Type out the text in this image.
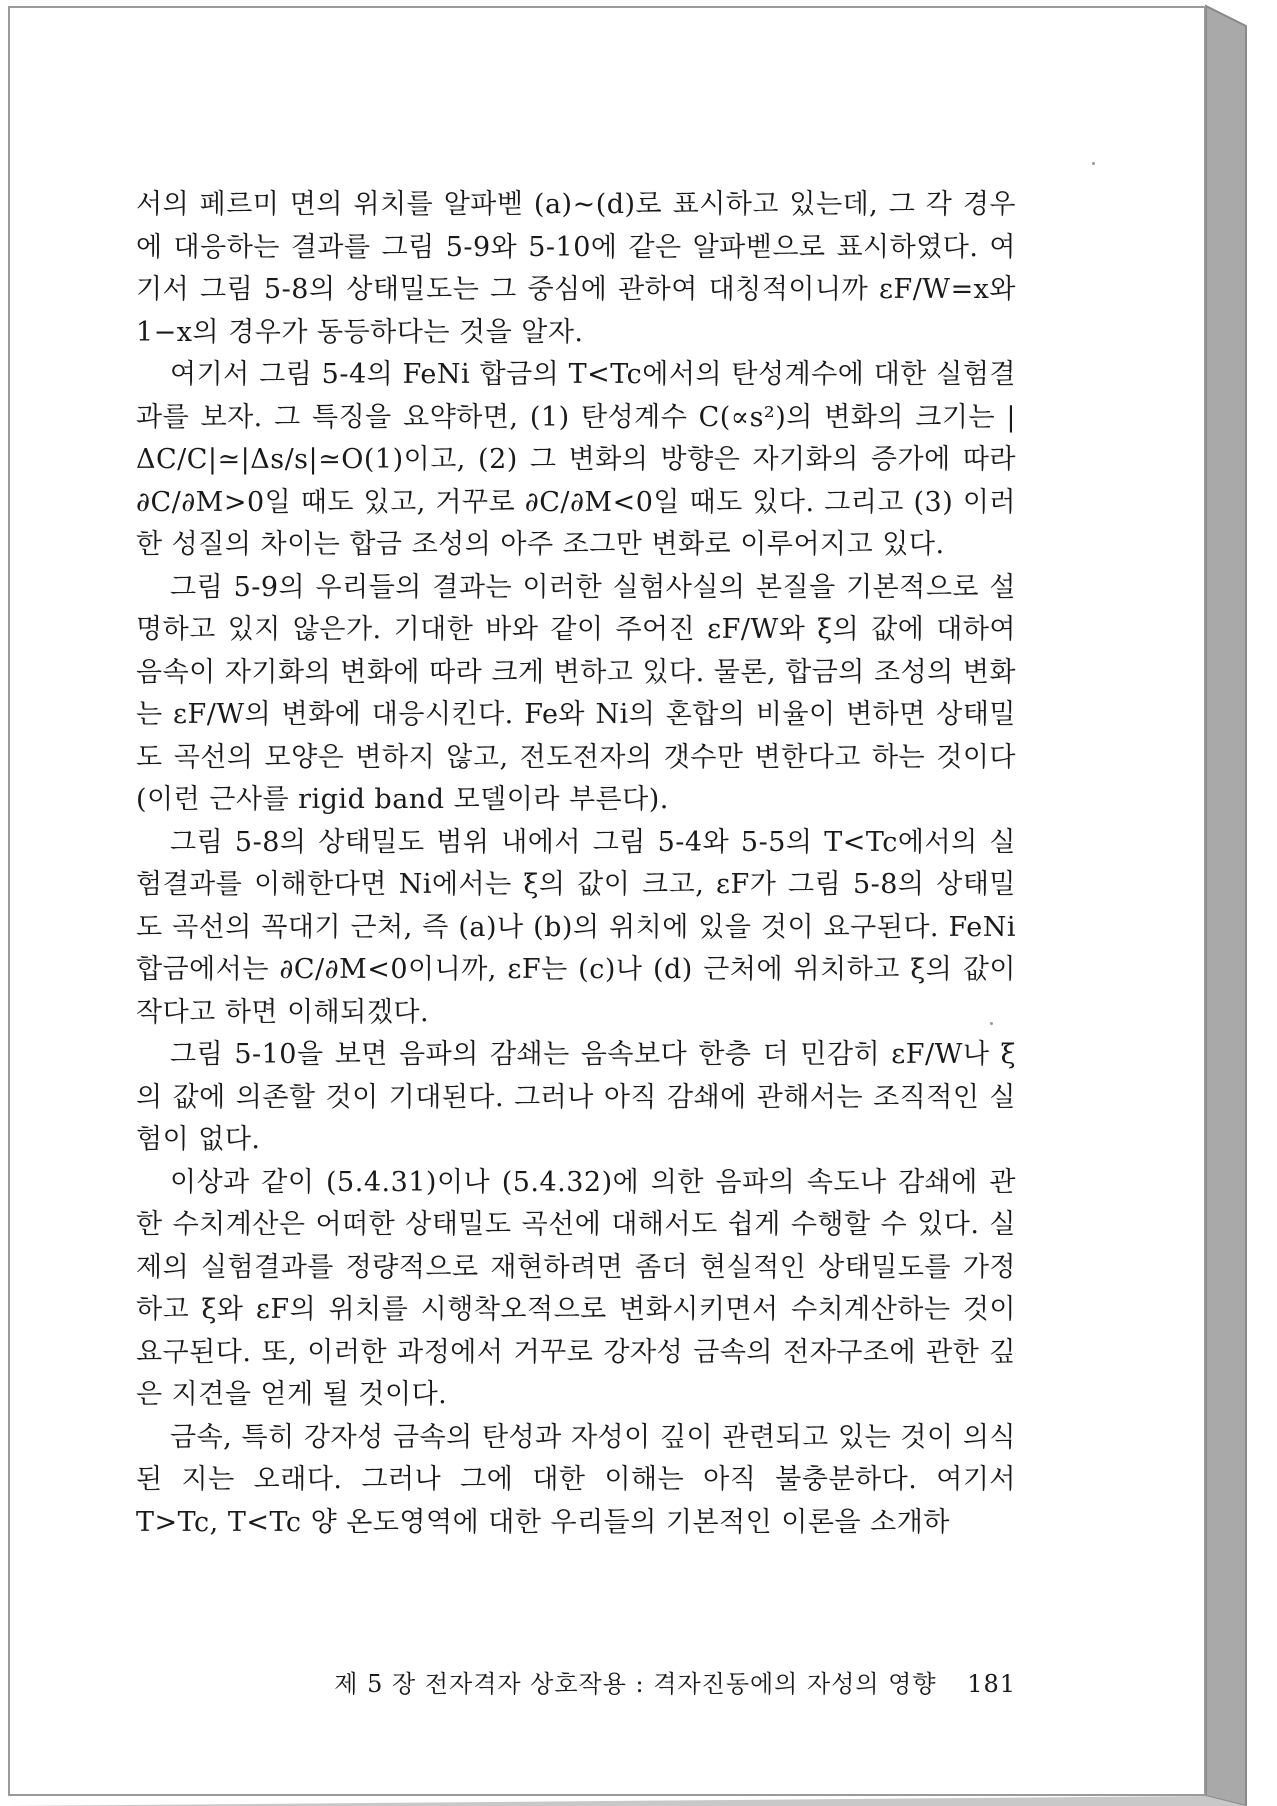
서의 페르미 면의 위치를 알파벧 (a)~(d)로 표시하고 있는데, 그 각 경우에 대응하는 결과를 그림 5-9와 5-10에 같은 알파벧으로 표시하였다. 여기서 그림 5-8의 상태밀도는 그 중심에 관하여 대칭적이니까 εF/W=x와 1−x의 경우가 동등하다는 것을 알자.

여기서 그림 5-4의 FeNi 합금의 T<Tc에서의 탄성계수에 대한 실험결과를 보자. 그 특징을 요약하면, (1) 탄성계수 C(∝s²)의 변화의 크기는 |ΔC/C|≃|Δs/s|≃O(1)이고, (2) 그 변화의 방향은 자기화의 증가에 따라 ∂C/∂M>0일 때도 있고, 거꾸로 ∂C/∂M<0일 때도 있다. 그리고 (3) 이러한 성질의 차이는 합금 조성의 아주 조그만 변화로 이루어지고 있다.

그림 5-9의 우리들의 결과는 이러한 실험사실의 본질을 기본적으로 설명하고 있지 않은가. 기대한 바와 같이 주어진 εF/W와 ξ의 값에 대하여 음속이 자기화의 변화에 따라 크게 변하고 있다. 물론, 합금의 조성의 변화는 εF/W의 변화에 대응시킨다. Fe와 Ni의 혼합의 비율이 변하면 상태밀도 곡선의 모양은 변하지 않고, 전도전자의 갯수만 변한다고 하는 것이다(이런 근사를 rigid band 모델이라 부른다).

그림 5-8의 상태밀도 범위 내에서 그림 5-4와 5-5의 T<Tc에서의 실험결과를 이해한다면 Ni에서는 ξ의 값이 크고, εF가 그림 5-8의 상태밀도 곡선의 꼭대기 근처, 즉 (a)나 (b)의 위치에 있을 것이 요구된다. FeNi 합금에서는 ∂C/∂M<0이니까, εF는 (c)나 (d) 근처에 위치하고 ξ의 값이 작다고 하면 이해되겠다.

그림 5-10을 보면 음파의 감쇄는 음속보다 한층 더 민감히 εF/W나 ξ의 값에 의존할 것이 기대된다. 그러나 아직 감쇄에 관해서는 조직적인 실험이 없다.

이상과 같이 (5.4.31)이나 (5.4.32)에 의한 음파의 속도나 감쇄에 관한 수치계산은 어떠한 상태밀도 곡선에 대해서도 쉽게 수행할 수 있다. 실제의 실험결과를 정량적으로 재현하려면 좀더 현실적인 상태밀도를 가정하고 ξ와 εF의 위치를 시행착오적으로 변화시키면서 수치계산하는 것이 요구된다. 또, 이러한 과정에서 거꾸로 강자성 금속의 전자구조에 관한 깊은 지견을 얻게 될 것이다.

금속, 특히 강자성 금속의 탄성과 자성이 깊이 관련되고 있는 것이 의식된 지는 오래다. 그러나 그에 대한 이해는 아직 불충분하다. 여기서 T>Tc, T<Tc 양 온도영역에 대한 우리들의 기본적인 이론을 소개하

제 5 장 전자격자 상호작용 : 격자진동에의 자성의 영향 181
